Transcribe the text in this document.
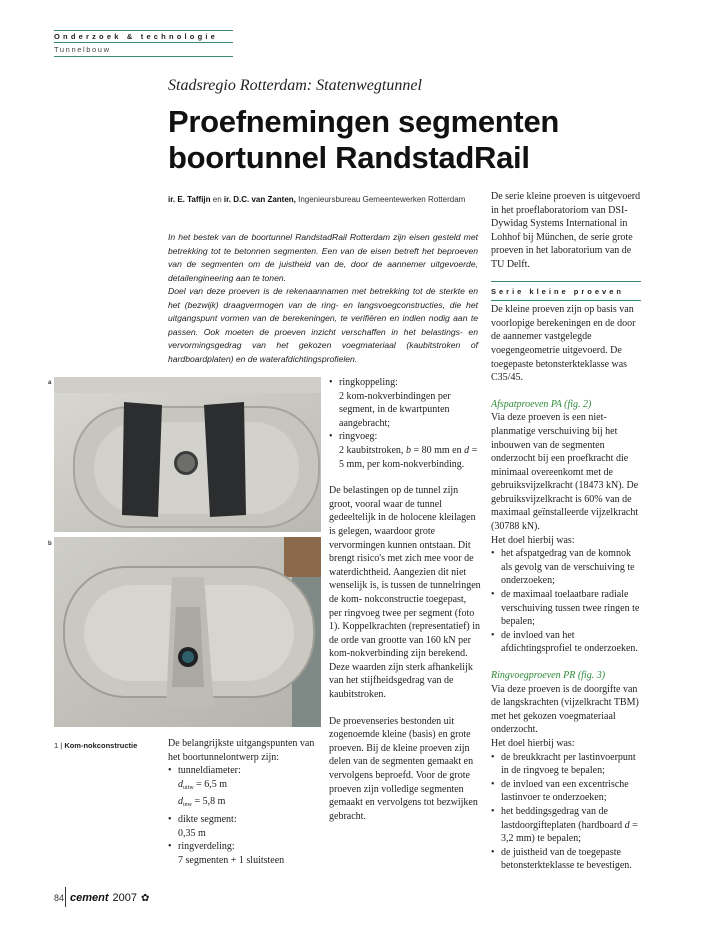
Onderzoek & technologie
Tunnelbouw
Stadsregio Rotterdam: Statenwegtunnel
Proefnemingen segmenten boortunnel RandstadRail
ir. E. Taffijn en ir. D.C. van Zanten, Ingenieursbureau Gemeentewerken Rotterdam
In het bestek van de boortunnel RandstadRail Rotterdam zijn eisen gesteld met betrekking tot te betonnen segmenten. Een van de eisen betreft het beproeven van de segmenten om de juistheid van de, door de aannemer uitgevoerde, detailengineering aan te tonen.
Doel van deze proeven is de rekenaannamen met betrekking tot de sterkte en het (bezwijk) draagvermogen van de ring- en langsvoegconstructies, die het uitgangspunt vormen van de berekeningen, te verifiëren en indien nodig aan te passen. Ook moeten de proeven inzicht verschaffen in het belastings- en vervormingsgedrag van het gekozen voegmateriaal (kaubitstroken of hardboardplaten) en de waterafdichtingsprofielen.
a
b
1 | Kom-nokconstructie	De belangrijkste uitgangspunten van het boortunnelontwerp zijn:

• tunneldiameter:
$d_{uitw} = 6,5$ m
$d_{inw} = 5,8$ m
• dikte segment:
0,35 m
• ringverdeling:
7 segmenten + 1 sluitsteen
• ringkoppeling:
2 kom-nokverbindingen per segment, in de kwartpunten aangebracht;
• ringvoeg:
2 kaubitstroken, b = 80 mm en d = 5 mm, per kom-nokverbinding.

De belastingen op de tunnel zijn groot, vooral waar de tunnel gedeeltelijk in de holocene kleilagen is gelegen, waardoor grote vervormingen kunnen ontstaan. Dit brengt risico's met zich mee voor de waterdichtheid. Aangezien dit niet wenselijk is, is tussen de tunnelringen de kom- nokconstructie toegepast, per ringvoeg twee per segment (foto 1). Koppelkrachten (representatief) in de orde van grootte van 160 kN per kom-nokverbinding zijn berekend. Deze waarden zijn sterk afhankelijk van het stijfheidsgedrag van de kaubitstroken.

De proevenseries bestonden uit zogenoemde kleine (basis) en grote proeven. Bij de kleine proeven zijn delen van de segmenten gemaakt en vervolgens beproefd. Voor de grote proeven zijn volledige segmenten gemaakt en vervolgens tot bezwijken gebracht.

De serie kleine proeven is uitgevoerd in het proeflaboratoriom van DSI-Dywidag Systems International in Lohhof bij München, de serie grote proeven in het laboratorium van de TU Delft.

Serie kleine proeven

De kleine proeven zijn op basis van voorlopige berekeningen en de door de aannemer vastgelegde voegengeometrie uitgevoerd. De toegepaste betonsterkteklasse was C35/45.

Afspatproeven PA (fig. 2)

Via deze proeven is een niet-planmatige verschuiving bij het inbouwen van de segmenten onderzocht bij een proefkracht die minimaal overeenkomt met de gebruiksvijzelkracht (18473 kN). De gebruiksvijzelkracht is 60% van de maximaal geïnstalleerde vijzelkracht (30788 kN).

Het doel hierbij was:

• het afspatgedrag van de komnok als gevolg van de verschuiving te onderzoeken;
• de maximaal toelaatbare radiale verschuiving tussen twee ringen te bepalen;
• de invloed van het afdichtingsprofiel te onderzoeken.

Ringvoegproeven PR (fig. 3)

Via deze proeven is de doorgifte van de langskrachten (vijzelkracht TBM) met het gekozen voegmateriaal onderzocht.

Het doel hierbij was:

• de breukkracht per lastinvoerpunt in de ringvoeg te bepalen;
• de invloed van een excentrische lastinvoer te onderzoeken;
• het beddingsgedrag van de lastdoorgifteplaten (hardboard d = 3,2 mm) te bepalen;
• de juistheid van de toegepaste betonsterkteklasse te bevestigen.
84 cement 2007 ✿
